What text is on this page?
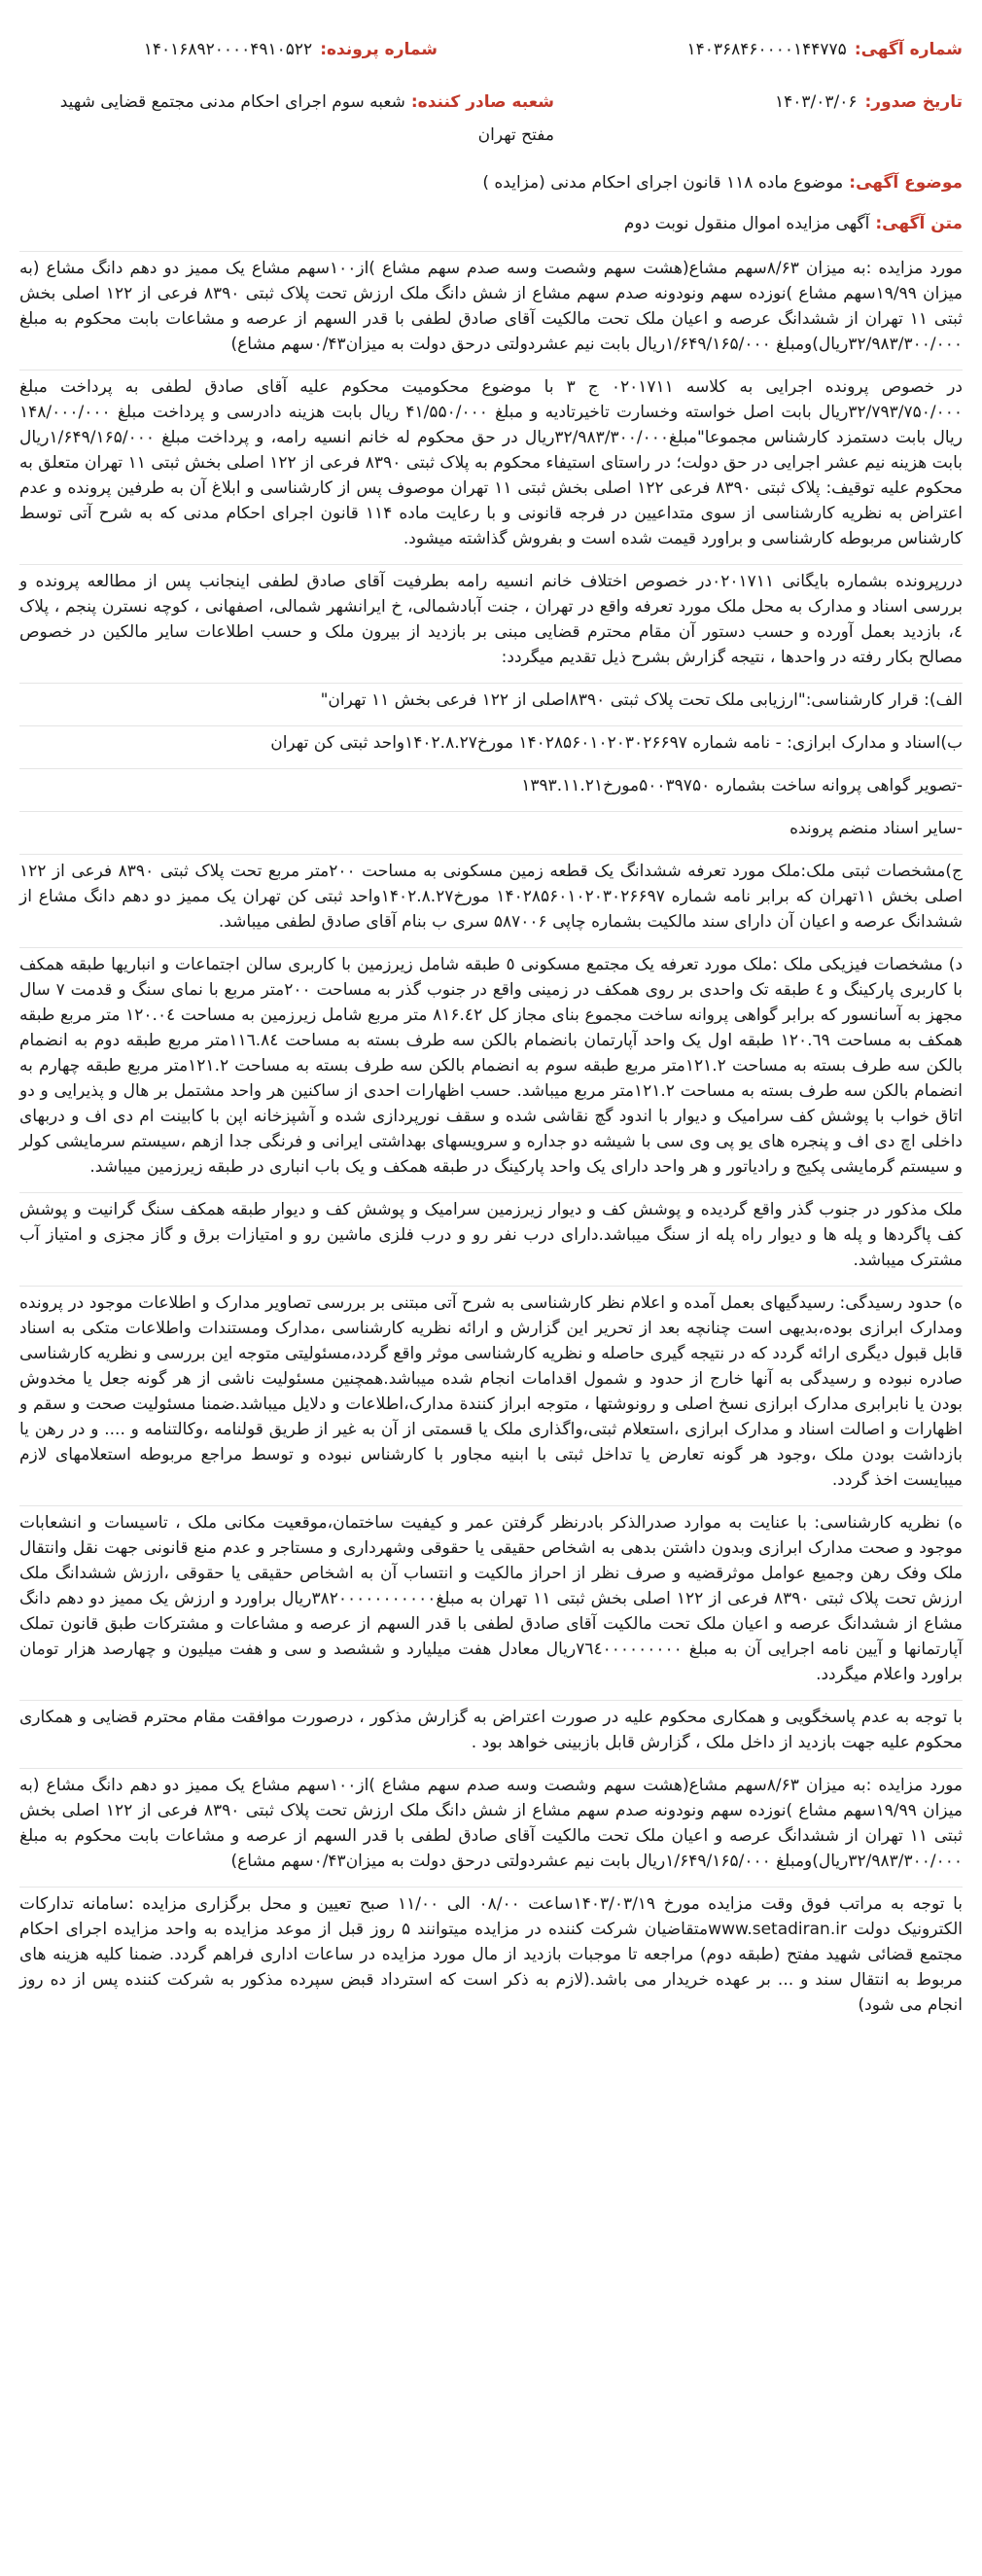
شماره آگهی:۱۴۰۳۶۸۴۶۰۰۰۰۱۴۴۷۷۵
شماره پرونده:۱۴۰۱۶۸۹۲۰۰۰۰۴۹۱۰۵۲۲
تاریخ صدور:۱۴۰۳/۰۳/۰۶
شعبه صادر کننده:شعبه سوم اجرای احکام مدنی مجتمع قضایی شهید مفتح تهران
موضوع آگهی:موضوع ماده ۱۱۸ قانون اجرای احکام مدنی (مزایده )
متن آگهی:آگهی مزایده اموال منقول نوبت دوم

مورد مزایده :به میزان ۸/۶۳سهم مشاع(هشت سهم وشصت وسه صدم سهم مشاع )از۱۰۰سهم مشاع یک ممیز دو دهم دانگ مشاع (به میزان ۱۹/۹۹سهم مشاع )نوزده سهم ونودونه صدم سهم مشاع از شش دانگ ملک ارزش تحت پلاک ثبتی ۸۳۹۰ فرعی از ۱۲۲ اصلی بخش ثبتی ۱۱ تهران از ششدانگ عرصه و اعیان ملک تحت مالکیت آقای صادق لطفی با قدر السهم از عرصه و مشاعات بابت محکوم به مبلغ ۳۲/۹۸۳/۳۰۰/۰۰۰ریال)ومبلغ ۱/۶۴۹/۱۶۵/۰۰۰ریال بابت نیم عشردولتی درحق دولت به میزان۰/۴۳سهم مشاع)

در خصوص پرونده اجرایی به کلاسه ۰۲۰۱۷۱۱ ج ۳ با موضوع محکومیت محکوم علیه آقای صادق لطفی به پرداخت مبلغ ۳۲/۷۹۳/۷۵۰/۰۰۰ریال بابت اصل خواسته وخسارت تاخیرتادیه و مبلغ ۴۱/۵۵۰/۰۰۰ ریال بابت هزینه دادرسی و پرداخت مبلغ ۱۴۸/۰۰۰/۰۰۰ ریال بابت دستمزد کارشناس مجموعا"مبلغ۳۲/۹۸۳/۳۰۰/۰۰۰ریال در حق محکوم له خانم انسیه رامه، و پرداخت مبلغ ۱/۶۴۹/۱۶۵/۰۰۰ریال بابت هزینه نیم عشر اجرایی در حق دولت؛ در راستای استیفاء محکوم به پلاک ثبتی ۸۳۹۰ فرعی از ۱۲۲ اصلی بخش ثبتی ۱۱ تهران متعلق به محکوم علیه توقیف: پلاک ثبتی ۸۳۹۰ فرعی ۱۲۲ اصلی بخش ثبتی ۱۱ تهران موصوف پس از کارشناسی و ابلاغ آن به طرفین پرونده و عدم اعتراض به نظریه کارشناسی از سوی متداعیین در فرجه قانونی و با رعایت ماده ۱۱۴ قانون اجرای احکام مدنی که به شرح آتی توسط کارشناس مربوطه کارشناسی و براورد قیمت شده است و بفروش گذاشته میشود.

دررپرونده بشماره بایگانی ۰۲۰۱۷۱۱در خصوص اختلاف خانم انسیه رامه بطرفیت آقای صادق لطفی اینجانب پس از مطالعه پرونده و بررسی اسناد و مدارک به محل ملک مورد تعرفه واقع در تهران ، جنت آبادشمالی، خ ایرانشهر شمالی، اصفهانی ، کوچه نسترن پنجم ، پلاک ٤، بازدید بعمل آورده و حسب دستور آن مقام محترم قضایی مبنی بر بازدید از بیرون ملک و حسب اطلاعات سایر مالکین در خصوص مصالح بکار رفته در واحدها ، نتیجه گزارش بشرح ذیل تقدیم میگردد:

الف): قرار کارشناسی:"ارزیابی ملک تحت پلاک ثبتی ۸۳۹۰اصلی از ۱۲۲ فرعی بخش ۱۱ تهران"

ب)اسناد و مدارک ابرازی: - نامه شماره ۱۴۰۲۸۵۶۰۱۰۲۰۳۰۲۶۶۹۷ مورخ۱۴۰۲.۸.۲۷واحد ثبتی کن تهران

-تصویر گواهی پروانه ساخت بشماره ۵۰۰۳۹۷۵۰مورخ۱۳۹۳.۱۱.۲۱

-سایر اسناد منضم پرونده

ج)مشخصات ثبتی ملک:ملک مورد تعرفه ششدانگ یک قطعه زمین مسکونی به مساحت ۲۰۰متر مربع تحت پلاک ثبتی ۸۳۹۰ فرعی از ۱۲۲ اصلی بخش ۱۱تهران که برابر نامه شماره ۱۴۰۲۸۵۶۰۱۰۲۰۳۰۲۶۶۹۷ مورخ۱۴۰۲.۸.۲۷واحد ثبتی کن تهران یک ممیز دو دهم دانگ مشاع از ششدانگ عرصه و اعیان آن دارای سند مالکیت بشماره چاپی ۵۸۷۰۰۶ سری ب بنام آقای صادق لطفی میباشد.

د) مشخصات فیزیکی ملک :ملک مورد تعرفه یک مجتمع مسکونی ٥ طبقه شامل زیرزمین با کاربری سالن اجتماعات و انباریها طبقه همکف با کاربری پارکینگ و ٤ طبقه تک واحدی بر روی همکف در زمینی واقع در جنوب گذر به مساحت ۲۰۰متر مربع با نمای سنگ و قدمت ۷ سال مجهز به آسانسور که برابر گواهی پروانه ساخت مجموع بنای مجاز کل ۸۱۶.٤۲ متر مربع شامل زیرزمین به مساحت ۱۲۰.۰٤ متر مربع طبقه همکف به مساحت ۱۲۰.٦۹ طبقه اول یک واحد آپارتمان بانضمام بالکن سه طرف بسته به مساحت ۱۱٦.۸٤متر مربع طبقه دوم به انضمام بالکن سه طرف بسته به مساحت ۱۲۱.۲متر مربع طبقه سوم به انضمام بالکن سه طرف بسته به مساحت ۱۲۱.۲متر مربع طبقه چهارم به انضمام بالکن سه طرف بسته به مساحت ۱۲۱.۲متر مربع میباشد. حسب اظهارات احدی از ساکنین هر واحد مشتمل بر هال و پذیرایی و دو اتاق خواب با پوشش کف سرامیک و دیوار با اندود گچ نقاشی شده و سقف نورپردازی شده و آشپزخانه اپن با کابینت ام دی اف و دربهای داخلی اچ دی اف و پنجره های یو پی وی سی با شیشه دو جداره و سرویسهای بهداشتی ایرانی و فرنگی جدا ازهم ،سیستم سرمایشی کولر و سیستم گرمایشی پکیج و رادیاتور و هر واحد دارای یک واحد پارکینگ در طبقه همکف و یک باب انباری در طبقه زیرزمین میباشد.

ملک مذکور در جنوب گذر واقع گردیده و پوشش کف و دیوار زیرزمین سرامیک و پوشش کف و دیوار طبقه همکف سنگ گرانیت و پوشش کف پاگردها و پله ها و دیوار راه پله از سنگ میباشد.دارای درب نفر رو و درب فلزی ماشین رو و امتیازات برق و گاز مجزی و امتیاز آب مشترک میباشد.

ه) حدود رسیدگی: رسیدگیهای بعمل آمده و اعلام نظر کارشناسی به شرح آتی مبتنی بر بررسی تصاویر مدارک و اطلاعات موجود در پرونده ومدارک ابرازی بوده،بدیهی است چنانچه بعد از تحریر این گزارش و ارائه نظریه کارشناسی ،مدارک ومستندات واطلاعات متکی به اسناد قابل قبول دیگری ارائه گردد که در نتیجه گیری حاصله و نظریه کارشناسی موثر واقع گردد،مسئولیتی متوجه این بررسی و نظریه کارشناسی صادره نبوده و رسیدگی به آنها خارج از حدود و شمول اقدامات انجام شده میباشد.همچنین مسئولیت ناشی از هر گونه جعل یا مخدوش بودن یا نابرابری مدارک ابرازی نسخ اصلی و رونوشتها ، متوجه ابراز کنندة مدارک،اطلاعات و دلایل میباشد.ضمنا مسئولیت صحت و سقم و اظهارات و اصالت اسناد و مدارک ابرازی ،استعلام ثبتی،واگذاری ملک یا قسمتی از آن به غیر از طریق قولنامه ،وکالتنامه و .... و در رهن یا بازداشت بودن ملک ،وجود هر گونه تعارض یا تداخل ثبتی با ابنیه مجاور با کارشناس نبوده و توسط مراجع مربوطه استعلامهای لازم میبایست اخذ گردد.

ه) نظریه کارشناسی: با عنایت به موارد صدرالذکر بادرنظر گرفتن عمر و کیفیت ساختمان،موقعیت مکانی ملک ، تاسیسات و انشعابات موجود و صحت مدارک ابرازی وبدون داشتن بدهی به اشخاص حقیقی یا حقوقی وشهرداری و مستاجر و عدم منع قانونی جهت نقل وانتقال ملک وفک رهن وجمیع عوامل موثرقضیه و صرف نظر از احراز مالکیت و انتساب آن به اشخاص حقیقی یا حقوقی ،ارزش ششدانگ ملک ارزش تحت پلاک ثبتی ۸۳۹۰ فرعی از ۱۲۲ اصلی بخش ثبتی ۱۱ تهران به مبلغ۳۸۲۰۰۰۰۰۰۰۰۰۰۰ریال براورد و ارزش یک ممیز دو دهم دانگ مشاع از ششدانگ عرصه و اعیان ملک تحت مالکیت آقای صادق لطفی با قدر السهم از عرصه و مشاعات و مشترکات طبق قانون تملک آپارتمانها و آیین نامه اجرایی آن به مبلغ ۷٦٤۰۰۰۰۰۰۰۰۰ریال معادل هفت میلیارد و ششصد و سی و هفت میلیون و چهارصد هزار تومان براورد واعلام میگردد.

با توجه به عدم پاسخگویی و همکاری محکوم علیه در صورت اعتراض به گزارش مذکور ، درصورت موافقت مقام محترم قضایی و همکاری محکوم علیه جهت بازدید از داخل ملک ، گزارش قابل بازبینی خواهد بود .

مورد مزایده :به میزان ۸/۶۳سهم مشاع(هشت سهم وشصت وسه صدم سهم مشاع )از۱۰۰سهم مشاع یک ممیز دو دهم دانگ مشاع (به میزان ۱۹/۹۹سهم مشاع )نوزده سهم ونودونه صدم سهم مشاع از شش دانگ ملک ارزش تحت پلاک ثبتی ۸۳۹۰ فرعی از ۱۲۲ اصلی بخش ثبتی ۱۱ تهران از ششدانگ عرصه و اعیان ملک تحت مالکیت آقای صادق لطفی با قدر السهم از عرصه و مشاعات بابت محکوم به مبلغ ۳۲/۹۸۳/۳۰۰/۰۰۰ریال)ومبلغ ۱/۶۴۹/۱۶۵/۰۰۰ریال بابت نیم عشردولتی درحق دولت به میزان۰/۴۳سهم مشاع)

با توجه به مراتب فوق وقت مزایده مورخ ۱۴۰۳/۰۳/۱۹ساعت ۰۸/۰۰ الی ۱۱/۰۰ صبح تعیین و محل برگزاری مزایده :سامانه تدارکات الکترونیک دولت www.setadiran.irمتقاضیان شرکت کننده در مزایده میتوانند ۵ روز قبل از موعد مزایده به واحد مزایده اجرای احکام مجتمع قضائی شهید مفتح (طبقه دوم) مراجعه تا موجبات بازدید از مال مورد مزایده در ساعات اداری فراهم گردد. ضمنا کلیه هزینه های مربوط به انتقال سند و ... بر عهده خریدار می باشد.(لازم به ذکر است که استرداد قبض سپرده مذکور به شرکت کننده پس از ده روز انجام می شود)
